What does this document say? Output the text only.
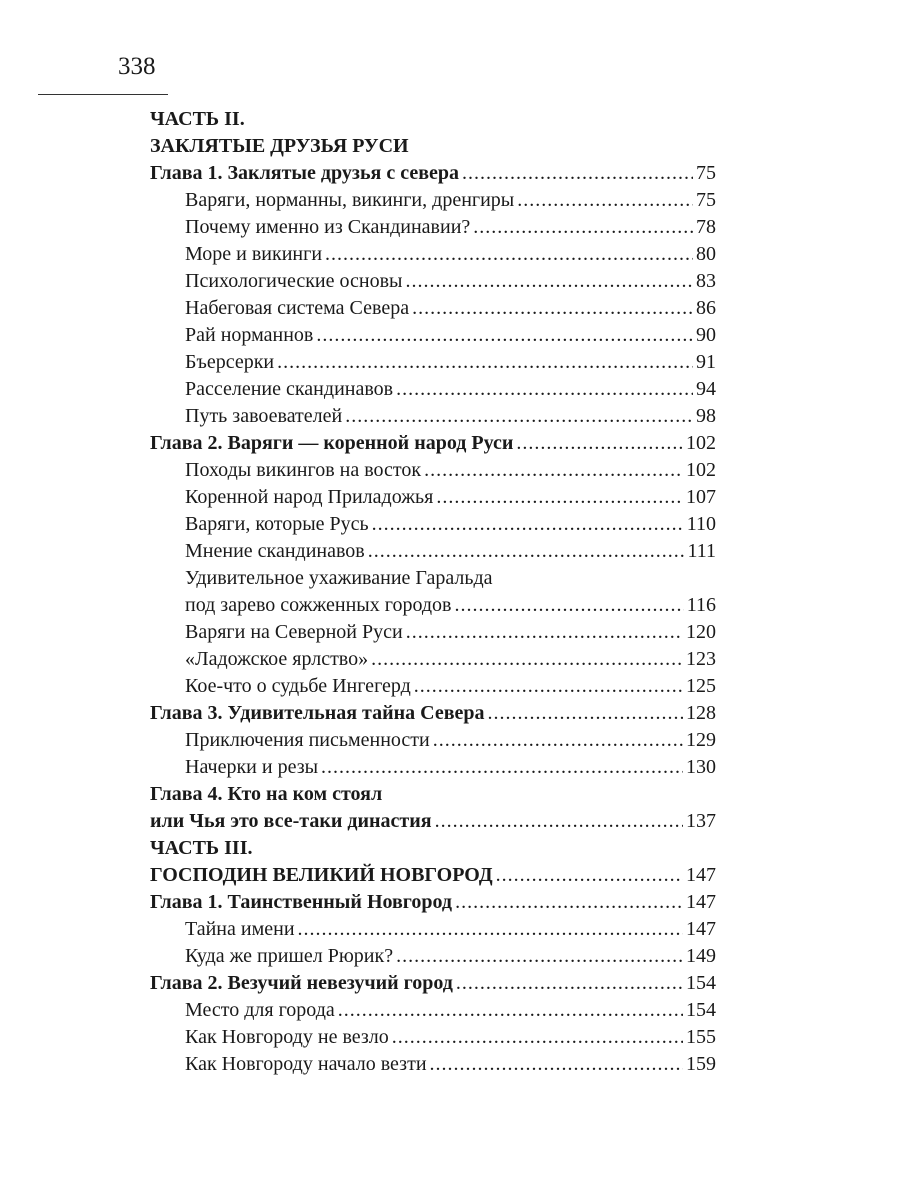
338
ЧАСТЬ II.
ЗАКЛЯТЫЕ ДРУЗЬЯ РУСИ
Глава 1. Заклятые друзья с севера .....	75
Варяги, норманны, викинги, дренгиры .....	75
Почему именно из Скандинавии? .....	78
Море и викинги .....	80
Психологические основы .....	83
Набеговая система Севера .....	86
Рай норманнов .....	90
Бъерсерки .....	91
Расселение скандинавов .....	94
Путь завоевателей .....	98
Глава 2. Варяги — коренной народ Руси .....	102
Походы викингов на восток .....	102
Коренной народ Приладожья .....	107
Варяги, которые Русь .....	110
Мнение скандинавов .....	111
Удивительное ухаживание Гаральда
под зарево сожженных городов .....	116
Варяги на Северной Руси .....	120
«Ладожское ярлство» .....	123
Кое-что о судьбе Ингегерд .....	125
Глава 3. Удивительная тайна Севера .....	128
Приключения письменности .....	129
Начерки и резы .....	130
Глава 4. Кто на ком стоял
или Чья это все-таки династия .....	137
ЧАСТЬ III.
ГОСПОДИН ВЕЛИКИЙ НОВГОРОД .....	147
Глава 1. Таинственный Новгород .....	147
Тайна имени .....	147
Куда же пришел Рюрик? .....	149
Глава 2. Везучий невезучий город .....	154
Место для города .....	154
Как Новгороду не везло .....	155
Как Новгороду начало везти .....	159
